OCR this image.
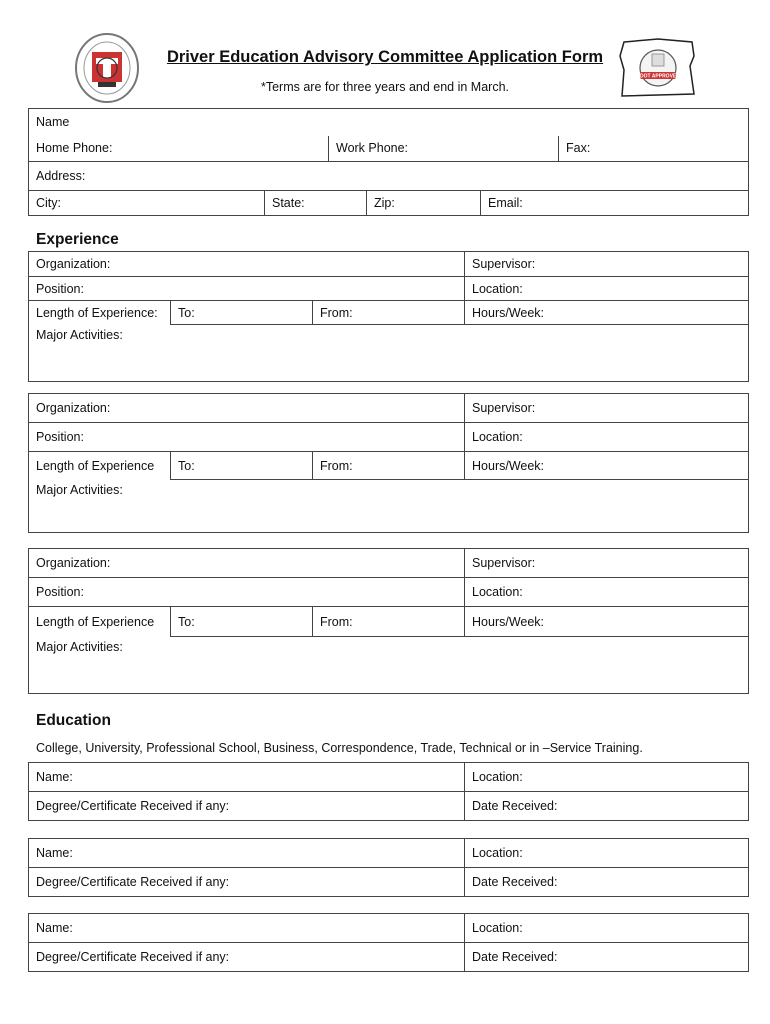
ODOT APPROVED
Driver Education Advisory Committee Application Form
*Terms are for three years and end in March.
Name
Home Phone:	Work Phone:	Fax:
Address:
City:	State:	Zip:	Email:
Experience
Organization:			Supervisor:
Position:			Location:
Length of Experience:	To:	From:	Hours/Week:
Major Activities:			
Organization:			Supervisor:
Position:			Location:
Length of Experience	To:	From:	Hours/Week:
Major Activities:			
Organization:			Supervisor:
Position:			Location:
Length of Experience	To:	From:	Hours/Week:
Major Activities:			
Education
College, University, Professional School, Business, Correspondence, Trade, Technical or in –Service Training.
Name:	Location:
Degree/Certificate Received if any:	Date Received:
Name:	Location:
Degree/Certificate Received if any:	Date Received:
Name:	Location:
Degree/Certificate Received if any:	Date Received:
